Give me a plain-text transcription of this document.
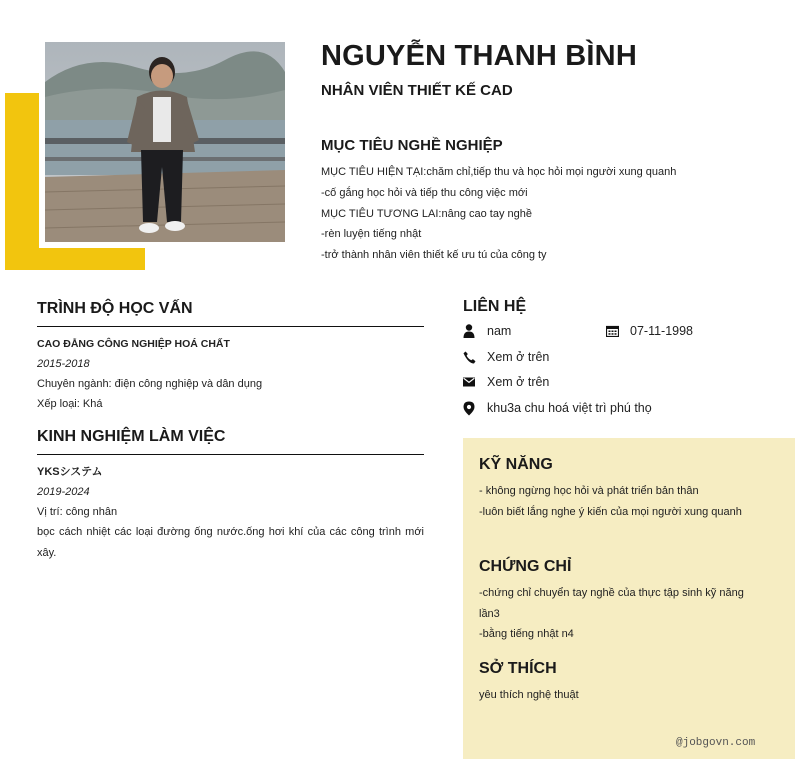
NGUYỄN THANH BÌNH
NHÂN VIÊN THIẾT KẾ CAD
MỤC TIÊU NGHỀ NGHIỆP
MỤC TIÊU HIỆN TẠI:chăm chỉ,tiếp thu và học hỏi mọi người xung quanh
-cố gắng học hỏi và tiếp thu công việc mới
MỤC TIÊU TƯƠNG LAI:nâng cao tay nghề
-rèn luyện tiếng nhật
-trở thành nhân viên thiết kế ưu tú của công ty
TRÌNH ĐỘ HỌC VẤN
CAO ĐẲNG CÔNG NGHIỆP HOÁ CHẤT
2015-2018
Chuyên ngành: điện công nghiệp và dân dụng
Xếp loại: Khá
KINH NGHIỆM LÀM VIỆC
YKSシステム
2019-2024
Vị trí: công nhân
bọc cách nhiệt các loại đường ống nước.ống hơi khí của các công trình mới xây.
LIÊN HỆ
nam	07-11-1998
Xem ở trên
Xem ở trên
khu3a chu hoá việt trì phú thọ
KỸ NĂNG
- không ngừng học hỏi và phát triển bản thân
-luôn biết lắng nghe ý kiến của mọi người xung quanh
CHỨNG CHỈ
-chứng chỉ chuyển tay nghề của thực tập sinh kỹ năng lần3
-bằng tiếng nhật n4
SỞ THÍCH
yêu thích nghệ thuật
@jobgovn.com
